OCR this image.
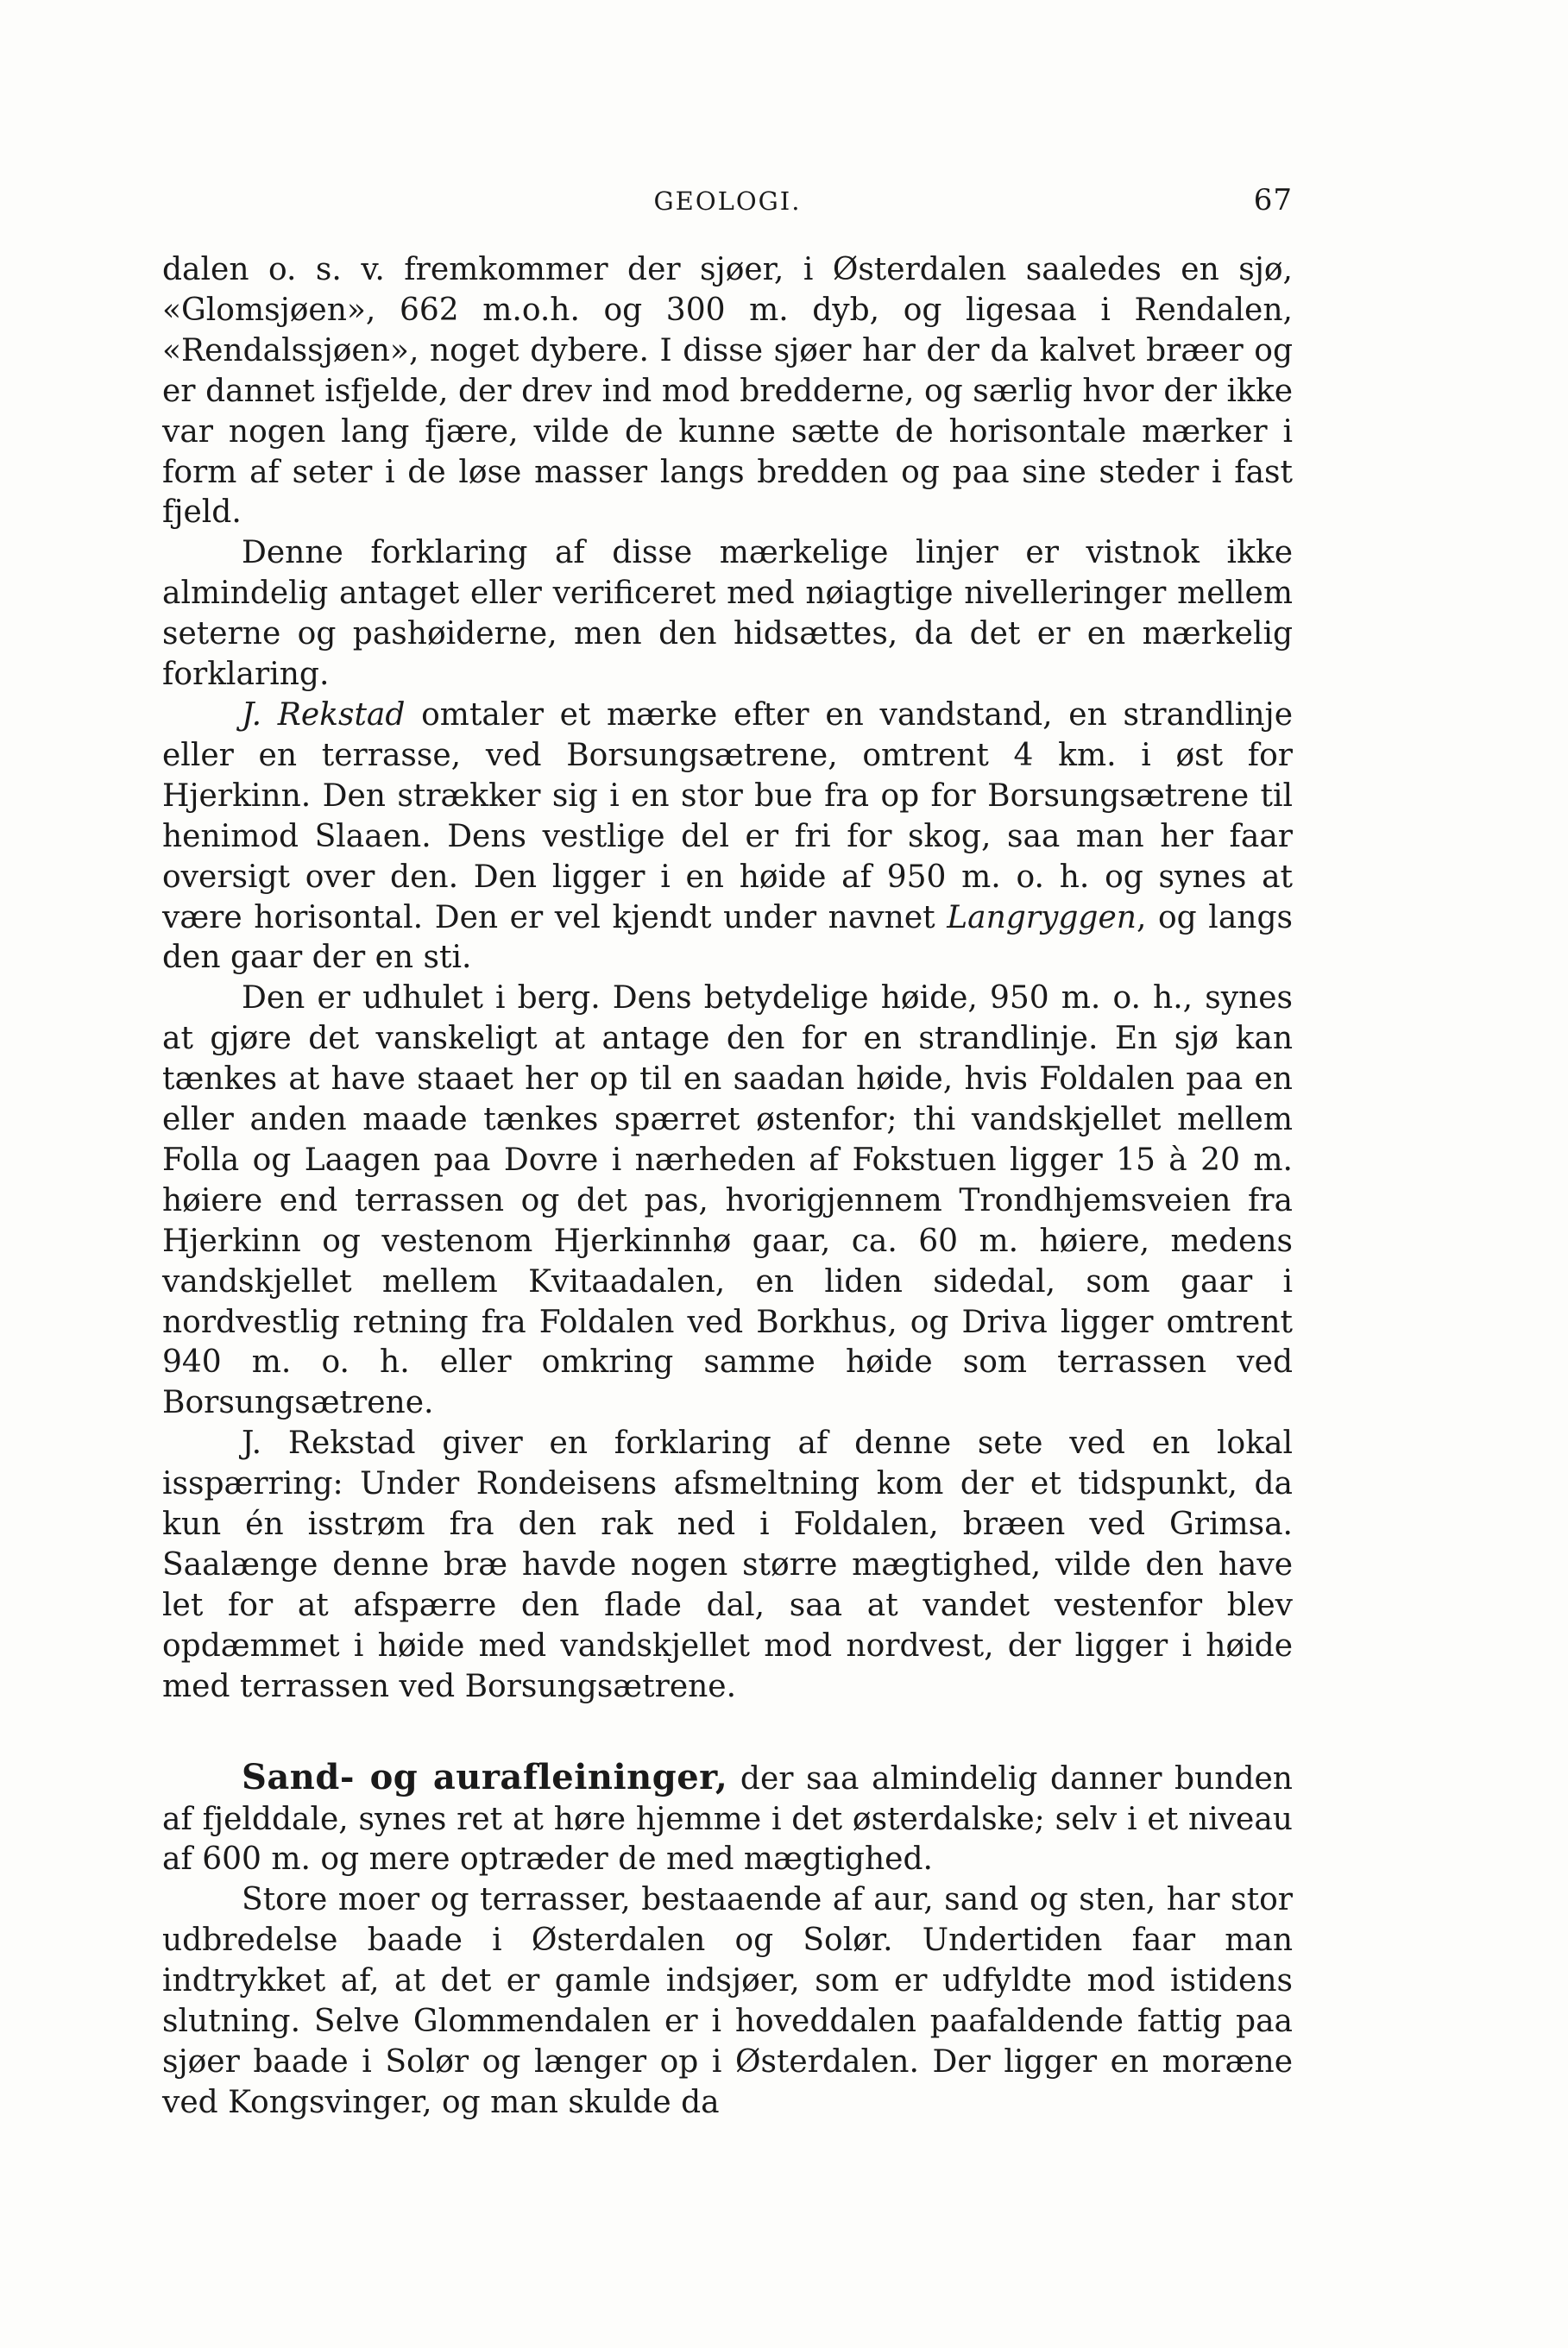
GEOLOGI.	67

dalen o. s. v. fremkommer der sjøer, i Østerdalen saaledes en sjø, «Glomsjøen», 662 m.o.h. og 300 m. dyb, og ligesaa i Rendalen, «Rendalssjøen», noget dybere. I disse sjøer har der da kalvet bræer og er dannet isfjelde, der drev ind mod bredderne, og særlig hvor der ikke var nogen lang fjære, vilde de kunne sætte de horisontale mærker i form af seter i de løse masser langs bredden og paa sine steder i fast fjeld.

Denne forklaring af disse mærkelige linjer er vistnok ikke almindelig antaget eller verificeret med nøiagtige nivelleringer mellem seterne og pashøiderne, men den hidsættes, da det er en mærkelig forklaring.

J. Rekstad omtaler et mærke efter en vandstand, en strandlinje eller en terrasse, ved Borsungsætrene, omtrent 4 km. i øst for Hjerkinn. Den strækker sig i en stor bue fra op for Borsungsætrene til henimod Slaaen. Dens vestlige del er fri for skog, saa man her faar oversigt over den. Den ligger i en høide af 950 m. o. h. og synes at være horisontal. Den er vel kjendt under navnet Langryggen, og langs den gaar der en sti.

Den er udhulet i berg. Dens betydelige høide, 950 m. o. h., synes at gjøre det vanskeligt at antage den for en strandlinje. En sjø kan tænkes at have staaet her op til en saadan høide, hvis Foldalen paa en eller anden maade tænkes spærret østenfor; thi vandskjellet mellem Folla og Laagen paa Dovre i nærheden af Fokstuen ligger 15 à 20 m. høiere end terrassen og det pas, hvorigjennem Trondhjemsveien fra Hjerkinn og vestenom Hjerkinnhø gaar, ca. 60 m. høiere, medens vandskjellet mellem Kvitaadalen, en liden sidedal, som gaar i nordvestlig retning fra Foldalen ved Borkhus, og Driva ligger omtrent 940 m. o. h. eller omkring samme høide som terrassen ved Borsungsætrene.

J. Rekstad giver en forklaring af denne sete ved en lokal isspærring: Under Rondeisens afsmeltning kom der et tidspunkt, da kun én isstrøm fra den rak ned i Foldalen, bræen ved Grimsa. Saalænge denne bræ havde nogen større mægtighed, vilde den have let for at afspærre den flade dal, saa at vandet vestenfor blev opdæmmet i høide med vandskjellet mod nordvest, der ligger i høide med terrassen ved Borsungsætrene.

Sand- og aurafleininger, der saa almindelig danner bunden af fjelddale, synes ret at høre hjemme i det østerdalske; selv i et niveau af 600 m. og mere optræder de med mægtighed.

Store moer og terrasser, bestaaende af aur, sand og sten, har stor udbredelse baade i Østerdalen og Solør. Undertiden faar man indtrykket af, at det er gamle indsjøer, som er udfyldte mod istidens slutning. Selve Glommendalen er i hoveddalen paafaldende fattig paa sjøer baade i Solør og længer op i Østerdalen. Der ligger en moræne ved Kongsvinger, og man skulde da
